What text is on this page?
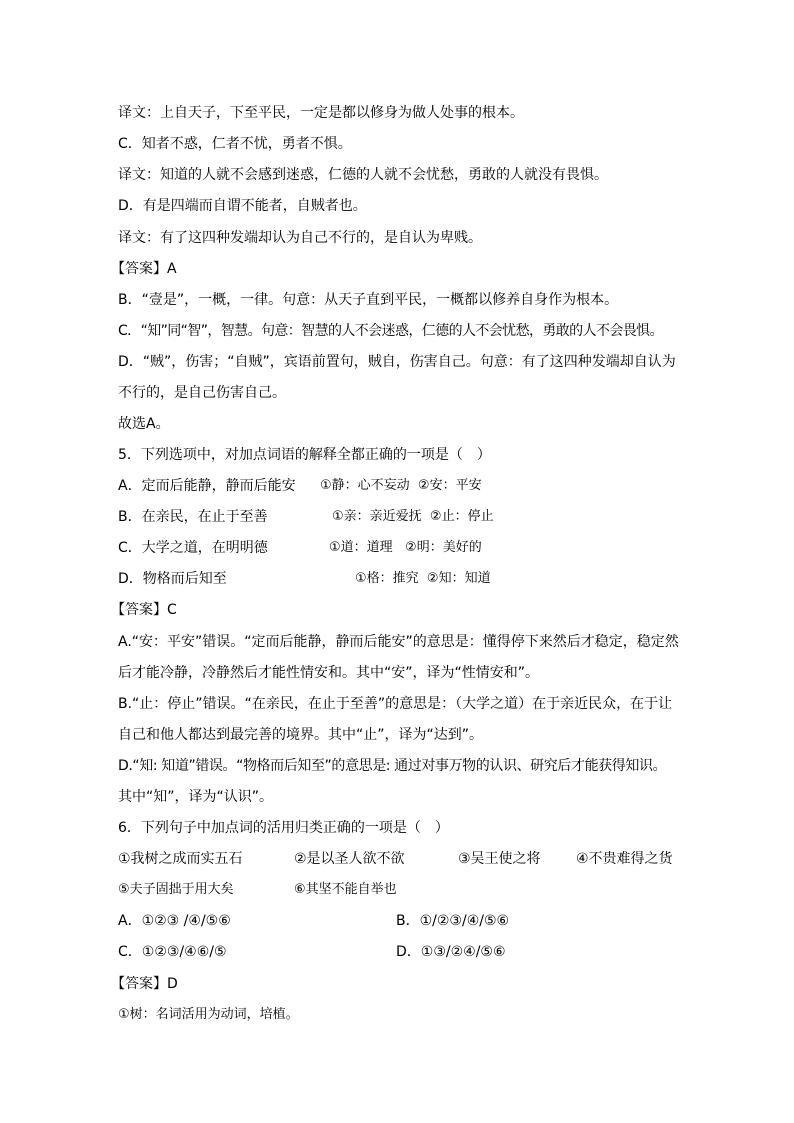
译文：上自天子，下至平民，一定是都以修身为做人处事的根本。
C．知者不惑，仁者不忧，勇者不惧。
译文：知道的人就不会感到迷惑，仁德的人就不会忧愁，勇敢的人就没有畏惧。
D．有是四端而自谓不能者，自贼者也。
译文：有了这四种发端却认为自己不行的，是自认为卑贱。
【答案】A
B．“壹是”，一概，一律。句意：从天子直到平民，一概都以修养自身作为根本。
C．“知”同“智”，智慧。句意：智慧的人不会迷惑，仁德的人不会忧愁，勇敢的人不会畏惧。
D．“贼”，伤害；“自贼”，宾语前置句，贼自，伤害自己。句意：有了这四种发端却自认为
不行的，是自己伤害自己。
故选A。
5．下列选项中，对加点词语的解释全都正确的一项是（　）
A．定而后能静，静而后能安 ①静：心不妄动  ②安：平安
B．在亲民，在止于至善	①亲：亲近爱抚  ②止：停止
C．大学之道，在明明德	①道：道理   ②明：美好的
D．物格而后知至	①格：推究  ②知：知道
【答案】C
A.“安：平安”错误。“定而后能静，静而后能安”的意思是：懂得停下来然后才稳定，稳定然
后才能冷静，冷静然后才能性情安和。其中“安”，译为“性情安和”。
B.“止：停止”错误。“在亲民，在止于至善”的意思是：（大学之道）在于亲近民众，在于让
自己和他人都达到最完善的境界。其中“止”，译为“达到”。
D.“知: 知道”错误。“物格而后知至”的意思是: 通过对事万物的认识、研究后才能获得知识。
其中“知”，译为“认识”。
6．下列句子中加点词的活用归类正确的一项是（　）
①我树之成而实五石	②是以圣人欲不欲	③吴王使之将	④不贵难得之货
⑤夫子固拙于用大矣	⑥其坚不能自举也
A．①②③ /④/⑤⑥	B．①/②③/④/⑤⑥
C．①②③/④⑥/⑤	D．①③/②④/⑤⑥
【答案】D
①树：名词活用为动词，培植。
